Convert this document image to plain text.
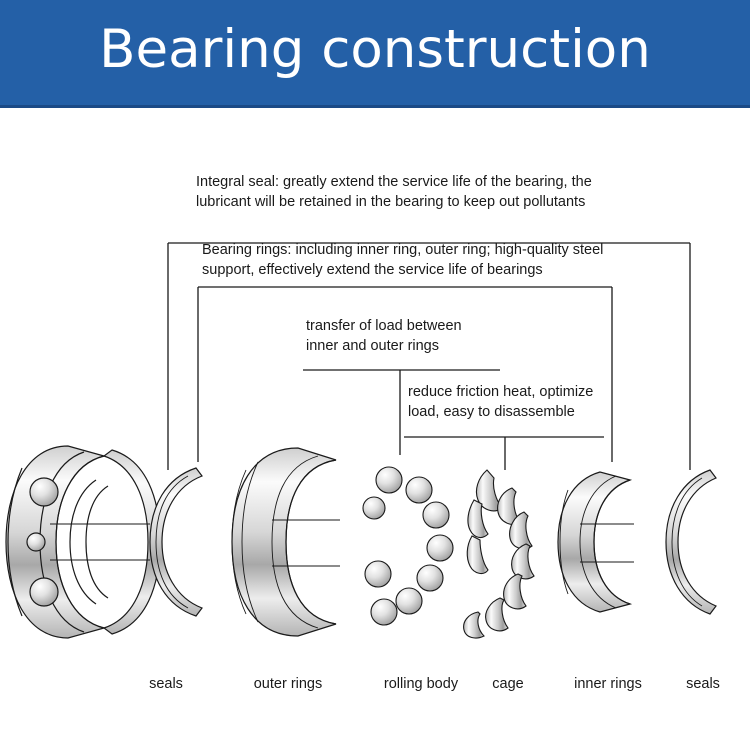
Bearing construction
Integral seal: greatly extend the service life of the bearing, the
lubricant will be retained in the bearing to keep out pollutants
Bearing rings: including inner ring, outer ring; high-quality steel
support, effectively extend the service life of bearings
transfer of load between
inner and outer rings
reduce friction heat, optimize
load, easy to disassemble
seals	outer rings	rolling body	cage	inner rings	seals
